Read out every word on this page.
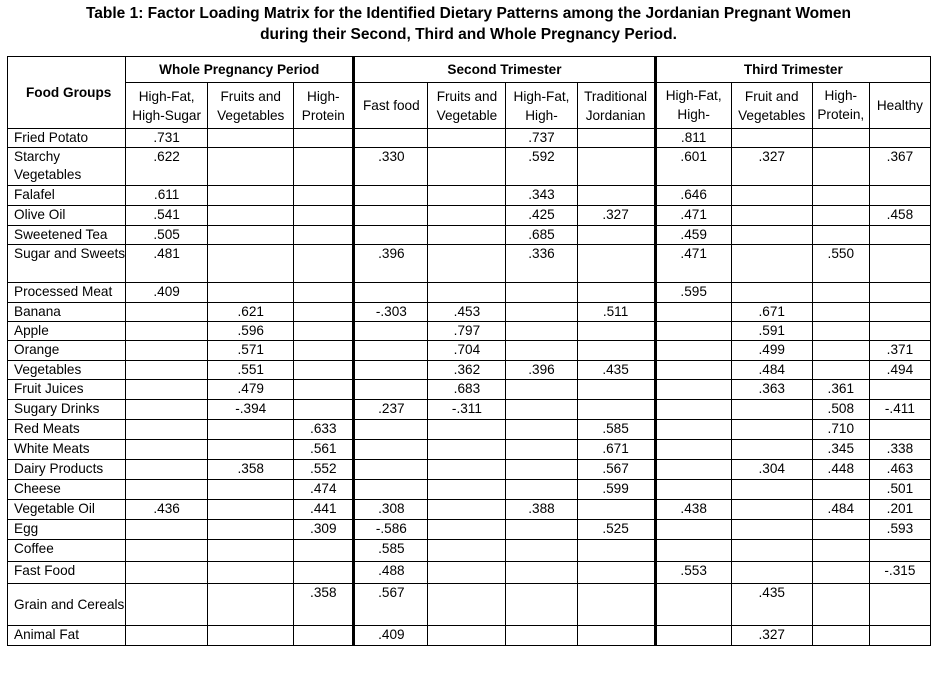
Table 1: Factor Loading Matrix for the Identified Dietary Patterns among the Jordanian Pregnant Women
during their Second, Third and Whole Pregnancy Period.
Food Groups	Whole Pregnancy Period			Second Trimester				Third Trimester			
	High-Fat, High-Sugar	Fruits and Vegetables	High-Protein	Fast food	Fruits and Vegetable	High-Fat, High-	Traditional Jordanian	High-Fat, High-	Fruit and Vegetables	High-Protein,	Healthy
Fried Potato	.731					.737		.811			
Starchy Vegetables	.622			.330		.592		.601	.327		.367
Falafel	.611					.343		.646			
Olive Oil	.541					.425	.327	.471			.458
Sweetened Tea	.505					.685		.459			
Sugar and Sweets	.481			.396		.336		.471		.550	
Processed Meat	.409							.595			
Banana		.621		-.303	.453		.511		.671		
Apple		.596			.797				.591		
Orange		.571			.704				.499		.371
Vegetables		.551			.362	.396	.435		.484		.494
Fruit Juices		.479			.683				.363	.361	
Sugary Drinks		-.394		.237	-.311					.508	-.411
Red Meats			.633				.585			.710	
White Meats			.561				.671			.345	.338
Dairy Products		.358	.552				.567		.304	.448	.463
Cheese			.474				.599				.501
Vegetable Oil	.436		.441	.308		.388		.438		.484	.201
Egg			.309	-.586			.525				.593
Coffee				.585							
Fast Food				.488				.553			-.315
Grain and Cereals			.358	.567					.435		
Animal Fat				.409					.327		
